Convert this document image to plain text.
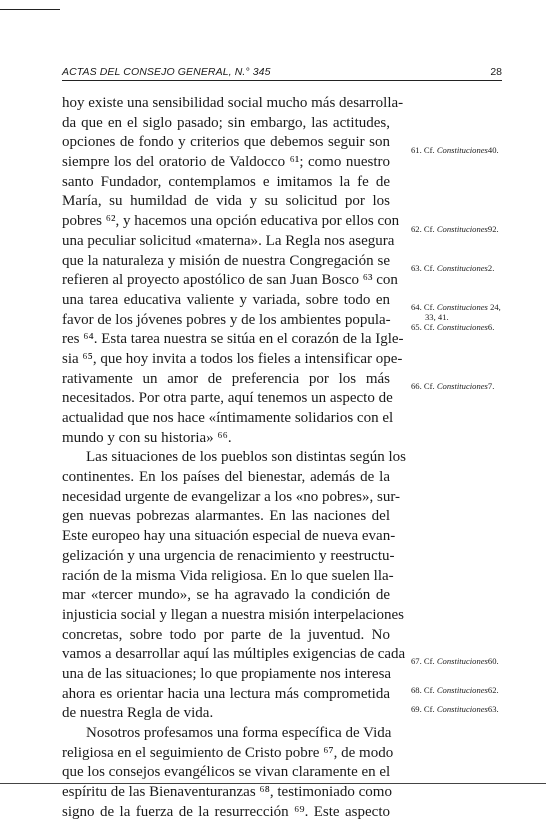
ACTAS DEL CONSEJO GENERAL, N.° 345	28
hoy existe una sensibilidad social mucho más desarrolla-
da que en el siglo pasado; sin embargo, las actitudes,
opciones de fondo y criterios que debemos seguir son
siempre los del oratorio de Valdocco ⁶¹; como nuestro
santo Fundador, contemplamos e imitamos la fe de
María, su humildad de vida y su solicitud por los
pobres ⁶², y hacemos una opción educativa por ellos con
una peculiar solicitud «materna». La Regla nos asegura
que la naturaleza y misión de nuestra Congregación se
refieren al proyecto apostólico de san Juan Bosco ⁶³ con
una tarea educativa valiente y variada, sobre todo en
favor de los jóvenes pobres y de los ambientes popula-
res ⁶⁴. Esta tarea nuestra se sitúa en el corazón de la Igle-
sia ⁶⁵, que hoy invita a todos los fieles a intensificar ope-
rativamente un amor de preferencia por los más
necesitados. Por otra parte, aquí tenemos un aspecto de
actualidad que nos hace «íntimamente solidarios con el
mundo y con su historia» ⁶⁶.
Las situaciones de los pueblos son distintas según los
continentes. En los países del bienestar, además de la
necesidad urgente de evangelizar a los «no pobres», sur-
gen nuevas pobrezas alarmantes. En las naciones del
Este europeo hay una situación especial de nueva evan-
gelización y una urgencia de renacimiento y reestructu-
ración de la misma Vida religiosa. En lo que suelen lla-
mar «tercer mundo», se ha agravado la condición de
injusticia social y llegan a nuestra misión interpelaciones
concretas, sobre todo por parte de la juventud. No
vamos a desarrollar aquí las múltiples exigencias de cada
una de las situaciones; lo que propiamente nos interesa
ahora es orientar hacia una lectura más comprometida
de nuestra Regla de vida.
Nosotros profesamos una forma específica de Vida
religiosa en el seguimiento de Cristo pobre ⁶⁷, de modo
que los consejos evangélicos se vivan claramente en el
espíritu de las Bienaventuranzas ⁶⁸, testimoniado como
signo de la fuerza de la resurrección ⁶⁹. Este aspecto
61. Cf. Constituciones40.
62. Cf. Constituciones92.
63. Cf. Constituciones2.
64. Cf. Constituciones 24,
33, 41.
65. Cf. Constituciones6.
66. Cf. Constituciones7.
67. Cf. Constituciones60.
68. Cf. Constituciones62.
69. Cf. Constituciones63.
